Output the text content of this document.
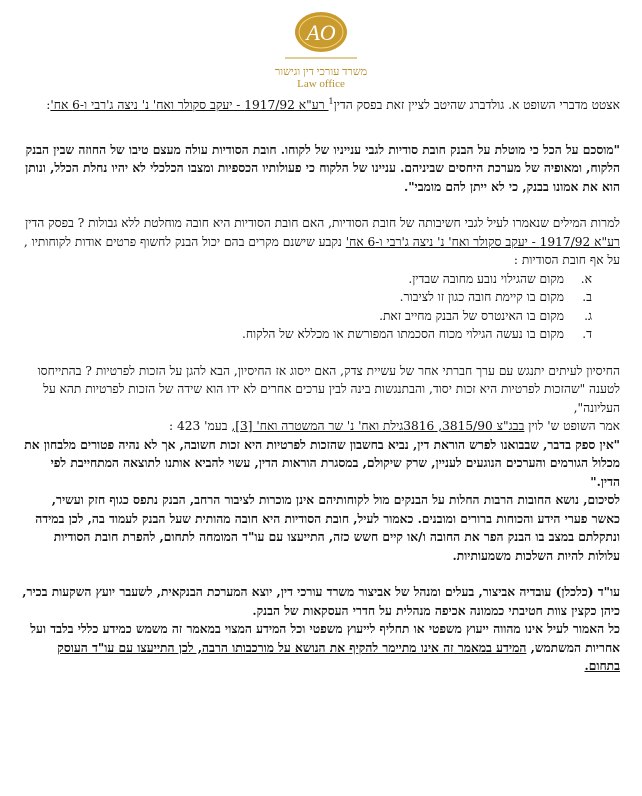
AO
משרד עורכי דין וגישור
Law office

אצטט מדברי השופט א. גולדברג שהיטב לציין זאת בפסק הדין$^1$ רע"א 1917/92 - יעקב סקולר ואח' נ' ניצה ג'רבי ו-6 אח':

"מוסכם על הכל כי מוטלת על הבנק חובת סודיות לגבי ענייניו של לקוחו. חובת הסודיות עולה מעצם טיבו של החוזה שבין הבנק הלקוח, ומאופיה של מערכת היחסים שביניהם. עניינו של הלקוח כי פעולותיו הכספיות ומצבו הכלכלי לא יהיו נחלת הכלל, ונותן הוא את אמונו בבנק, כי לא ייתן להם מומבי".

למרות המילים שנאמרו לעיל לגבי חשיבותה של חובת הסודיות, האם חובת הסודיות היא חובה מוחלטת ללא גבולות ? בפסק הדין רע"א 1917/92 - יעקב סקולר ואח' נ' ניצה ג'רבי ו-6 אח' נקבע שישנם מקרים בהם יכול הבנק לחשוף פרטים אודות לקוחותיו , על אף חובת הסודיות :

א.
מקום שהגילוי נובע מחובה שבדין.
ב.
מקום בו קיימת חובה כגון זו לציבור.
ג.
מקום בו האינטרס של הבנק מחייב זאת.
ד.
מקום בו נעשה הגילוי מכוח הסכמתו המפורשת או מכללא של הלקוח.

החיסיון לעיתים יתנגש עם ערך חברתי אחר של עשיית צדק, האם ייסוג אז החיסיון, הבא להגן על הזכות לפרטיות ? בהתייחסו לטענה "שהזכות לפרטיות היא זכות יסוד, והבתנגשות בינה לבין ערכים אחרים לא ידו הוא שידה של הזכות לפרטיות תהא על העליונה",

אמר השופט ש' לוין בבג"צ 3815/90, 3816גילת ואח' נ' שר המשטרה ואח' [3], בעמ' 423 :

"אין ספק בדבר, שבבואנו לפרש הוראת דין, נביא בחשבון שהזכות לפרטיות היא זכות חשובה, אך לא נהיה פטורים מלבחון את מכלול הגורמים והערכים הנוגעים לעניין, שרק שיקולם, במסגרת הוראות הדין, עשוי להביא אותנו לתוצאה המתחייבת לפי הדין."

לסיכום, נושא החובות הרבות החלות על הבנקים מול לקוחותיהם אינן מוכרות לציבור הרחב, הבנק נתפס כגוף חזק ועשיר, כאשר פערי הידע והכוחות ברורים ומובנים. כאמור לעיל, חובת הסודיות היא חובה מהותית שעל הבנק לעמוד בה, לכן במידה ונתקלתם במצב בו הבנק הפר את החובה ו/או קיים חשש כזה, התייעצו עם עו"ד המומחה לתחום, להפרת חובת הסודיות עלולות להיות השלכות משמעותיות.

עו"ד (כלכלן) עובדיה אביצור, בעלים ומנהל של אביצור משרד עורכי דין, יוצא המערכת הבנקאית, לשעבר יועץ השקעות בכיר, כיהן כקצין צוות חטיבתי כממונה אכיפה מנהלית על חדרי העסקאות של הבנק.

כל האמור לעיל אינו מהווה ייעוץ משפטי או תחליף לייעוץ משפטי וכל המידע המצוי במאמר זה משמש כמידע כללי בלבד ועל אחריות המשתמש, המידע במאמר זה אינו מתיימר להקיף את הנושא על מורכבותו הרבה, לכן התייעצו עם עו"ד העוסק בתחום.
